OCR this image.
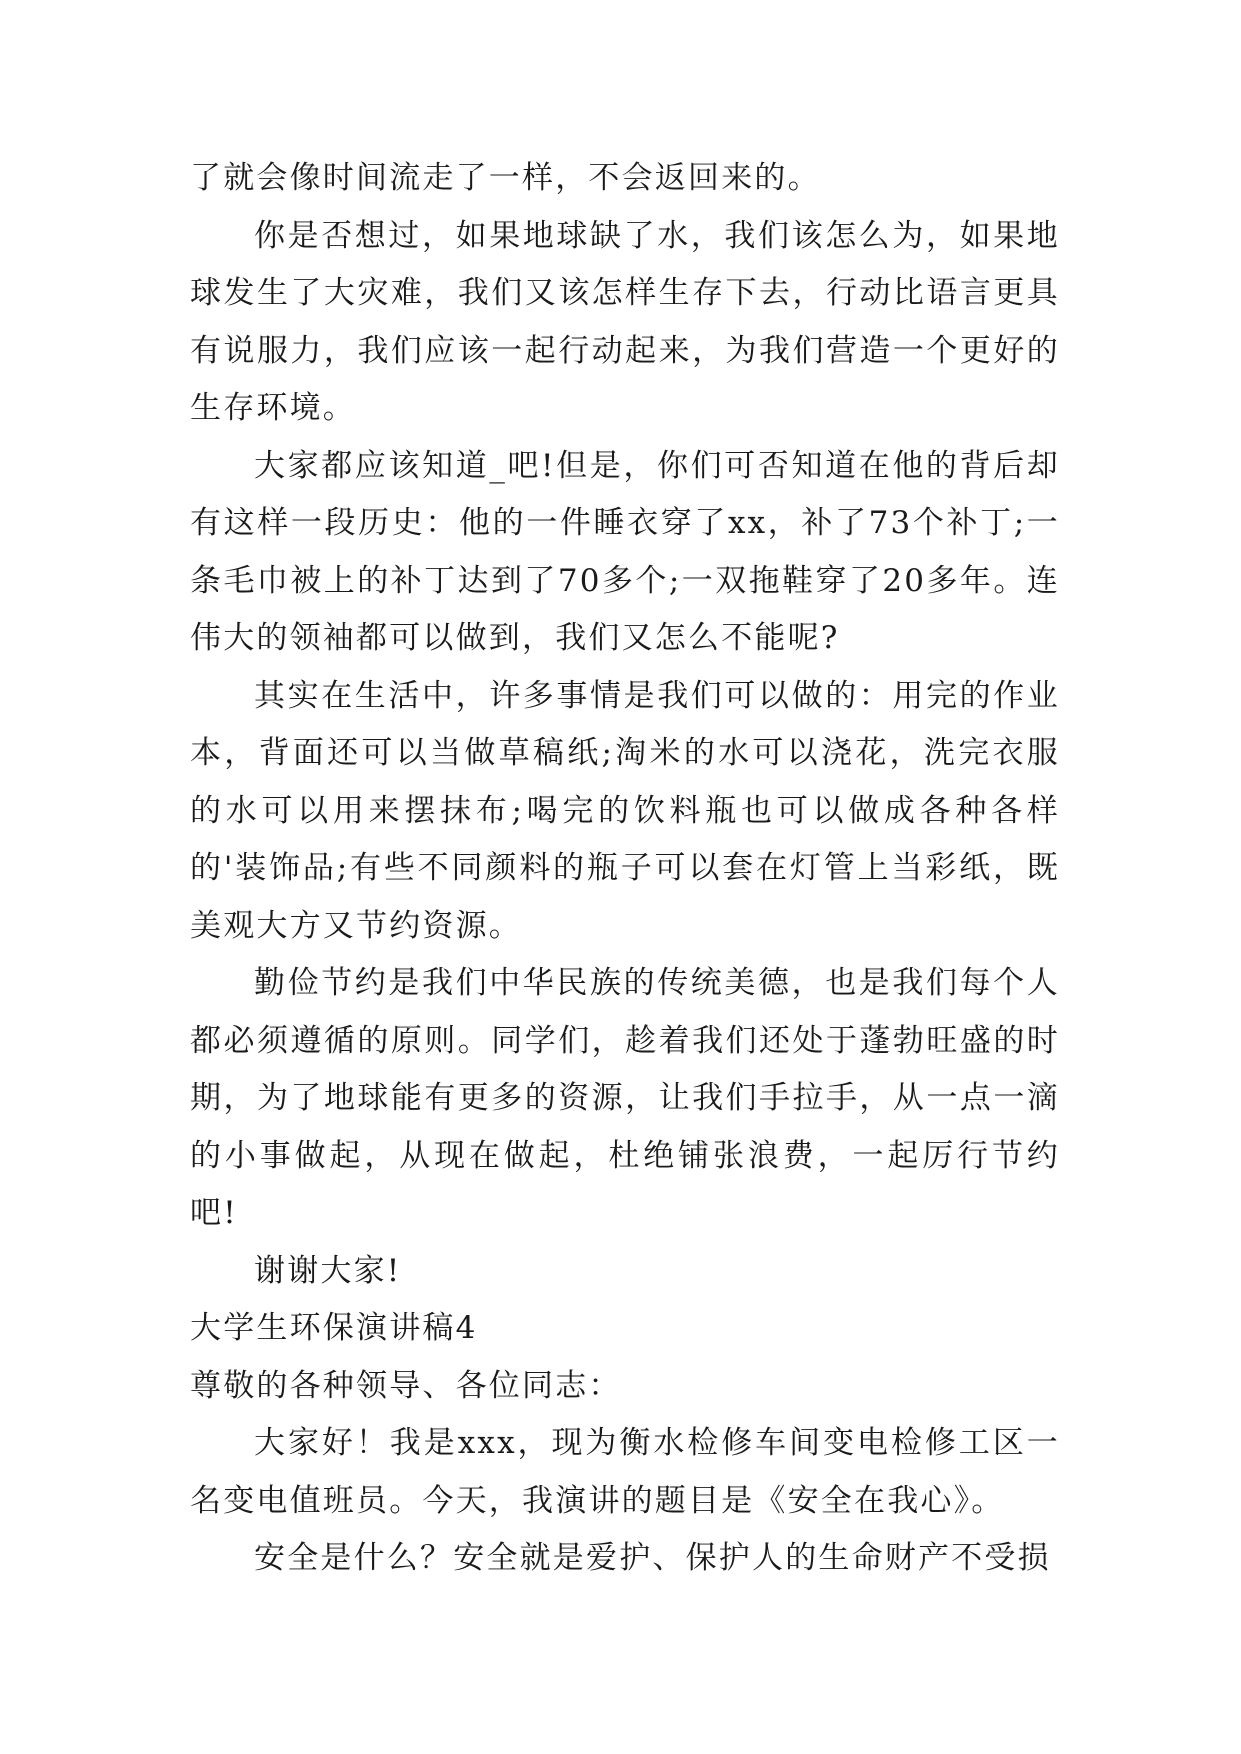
了就会像时间流走了一样，不会返回来的。

你是否想过，如果地球缺了水，我们该怎么为，如果地球发生了大灾难，我们又该怎样生存下去，行动比语言更具有说服力，我们应该一起行动起来，为我们营造一个更好的生存环境。

大家都应该知道_吧!但是，你们可否知道在他的背后却有这样一段历史：他的一件睡衣穿了xx，补了73个补丁;一条毛巾被上的补丁达到了70多个;一双拖鞋穿了20多年。连伟大的领袖都可以做到，我们又怎么不能呢?

其实在生活中，许多事情是我们可以做的：用完的作业本，背面还可以当做草稿纸;淘米的水可以浇花，洗完衣服的水可以用来摆抹布;喝完的饮料瓶也可以做成各种各样的'装饰品;有些不同颜料的瓶子可以套在灯管上当彩纸，既美观大方又节约资源。

勤俭节约是我们中华民族的传统美德，也是我们每个人都必须遵循的原则。同学们，趁着我们还处于蓬勃旺盛的时期，为了地球能有更多的资源，让我们手拉手，从一点一滴的小事做起，从现在做起，杜绝铺张浪费，一起厉行节约吧!

谢谢大家!

大学生环保演讲稿4

尊敬的各种领导、各位同志：

大家好！我是xxx，现为衡水检修车间变电检修工区一名变电值班员。今天，我演讲的题目是《安全在我心》。

安全是什么？安全就是爱护、保护人的生命财产不受损
